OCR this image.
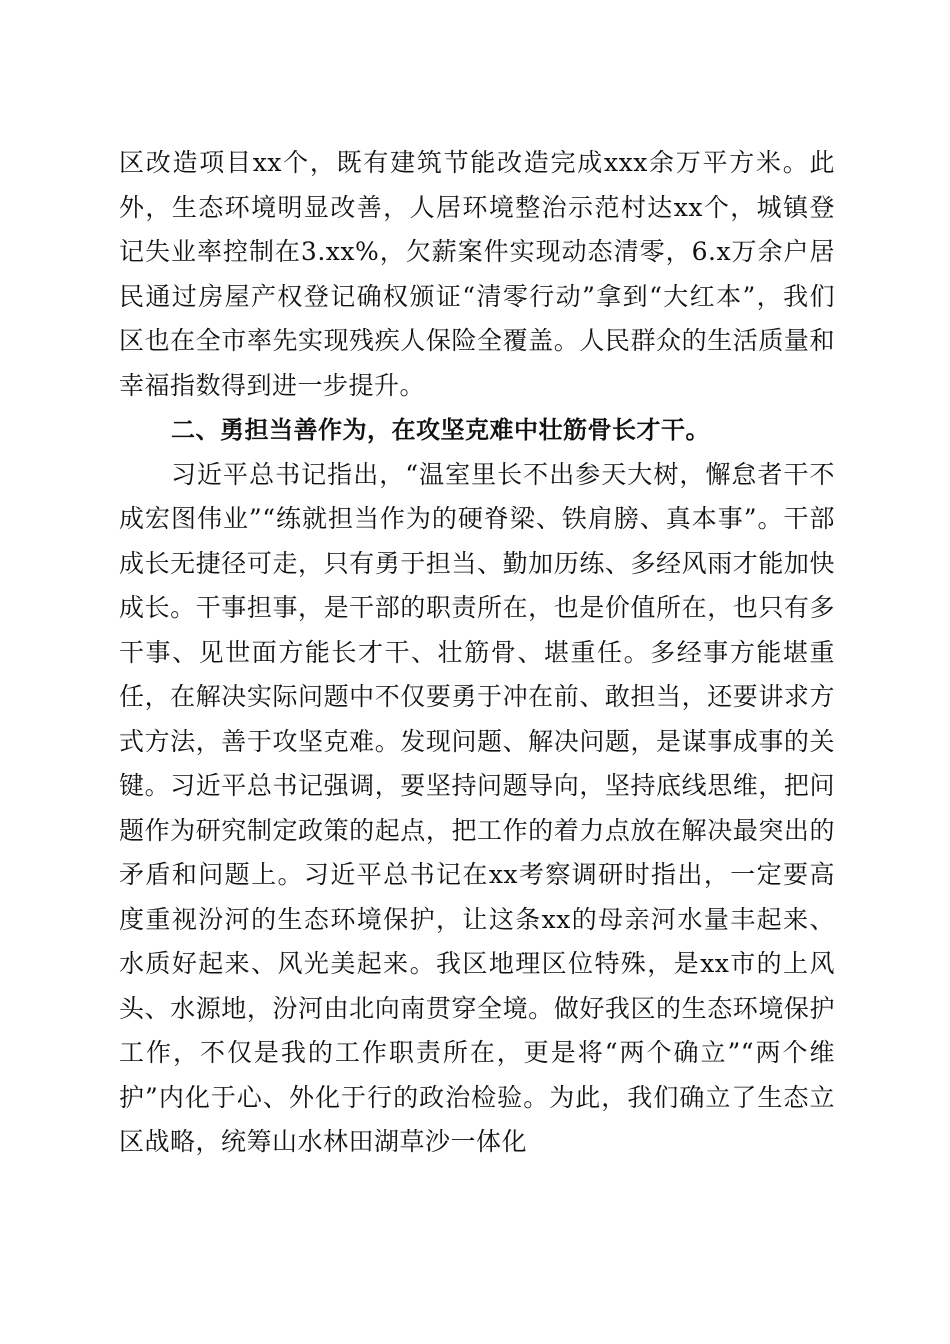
区改造项目xx个，既有建筑节能改造完成xxx余万平方米。此外，生态环境明显改善，人居环境整治示范村达xx个，城镇登记失业率控制在3.xx%，欠薪案件实现动态清零，6.x万余户居民通过房屋产权登记确权颁证“清零行动”拿到“大红本”，我们区也在全市率先实现残疾人保险全覆盖。人民群众的生活质量和幸福指数得到进一步提升。

二、勇担当善作为，在攻坚克难中壮筋骨长才干。

习近平总书记指出，“温室里长不出参天大树，懈怠者干不成宏图伟业”“练就担当作为的硬脊梁、铁肩膀、真本事”。干部成长无捷径可走，只有勇于担当、勤加历练、多经风雨才能加快成长。干事担事，是干部的职责所在，也是价值所在，也只有多干事、见世面方能长才干、壮筋骨、堪重任。多经事方能堪重任，在解决实际问题中不仅要勇于冲在前、敢担当，还要讲求方式方法，善于攻坚克难。发现问题、解决问题，是谋事成事的关键。习近平总书记强调，要坚持问题导向，坚持底线思维，把问题作为研究制定政策的起点，把工作的着力点放在解决最突出的矛盾和问题上。习近平总书记在xx考察调研时指出，一定要高度重视汾河的生态环境保护，让这条xx的母亲河水量丰起来、水质好起来、风光美起来。我区地理区位特殊，是xx市的上风头、水源地，汾河由北向南贯穿全境。做好我区的生态环境保护工作，不仅是我的工作职责所在，更是将“两个确立”“两个维护”内化于心、外化于行的政治检验。为此，我们确立了生态立区战略，统筹山水林田湖草沙一体化
